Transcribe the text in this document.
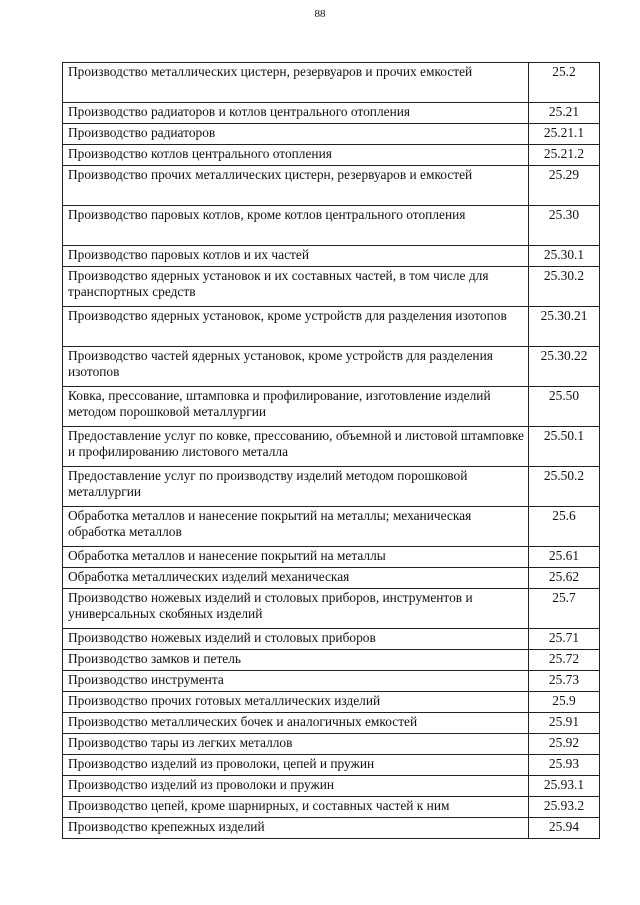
88
Производство металлических цистерн, резервуаров и прочих емкостей	25.2
Производство радиаторов и котлов центрального отопления	25.21
Производство радиаторов	25.21.1
Производство котлов центрального отопления	25.21.2
Производство прочих металлических цистерн, резервуаров и емкостей	25.29
Производство паровых котлов, кроме котлов центрального отопления	25.30
Производство паровых котлов и их частей	25.30.1
Производство ядерных установок и их составных частей, в том числе для транспортных средств	25.30.2
Производство ядерных установок, кроме устройств для разделения изотопов	25.30.21
Производство частей ядерных установок, кроме устройств для разделения изотопов	25.30.22
Ковка, прессование, штамповка и профилирование, изготовление изделий методом порошковой металлургии	25.50
Предоставление услуг по ковке, прессованию, объемной и листовой штамповке и профилированию листового металла	25.50.1
Предоставление услуг по производству изделий методом порошковой металлургии	25.50.2
Обработка металлов и нанесение покрытий на металлы; механическая обработка металлов	25.6
Обработка металлов и нанесение покрытий на металлы	25.61
Обработка металлических изделий механическая	25.62
Производство ножевых изделий и столовых приборов, инструментов и универсальных скобяных изделий	25.7
Производство ножевых изделий и столовых приборов	25.71
Производство замков и петель	25.72
Производство инструмента	25.73
Производство прочих готовых металлических изделий	25.9
Производство металлических бочек и аналогичных емкостей	25.91
Производство тары из легких металлов	25.92
Производство изделий из проволоки, цепей и пружин	25.93
Производство изделий из проволоки и пружин	25.93.1
Производство цепей, кроме шарнирных, и составных частей к ним	25.93.2
Производство крепежных изделий	25.94
